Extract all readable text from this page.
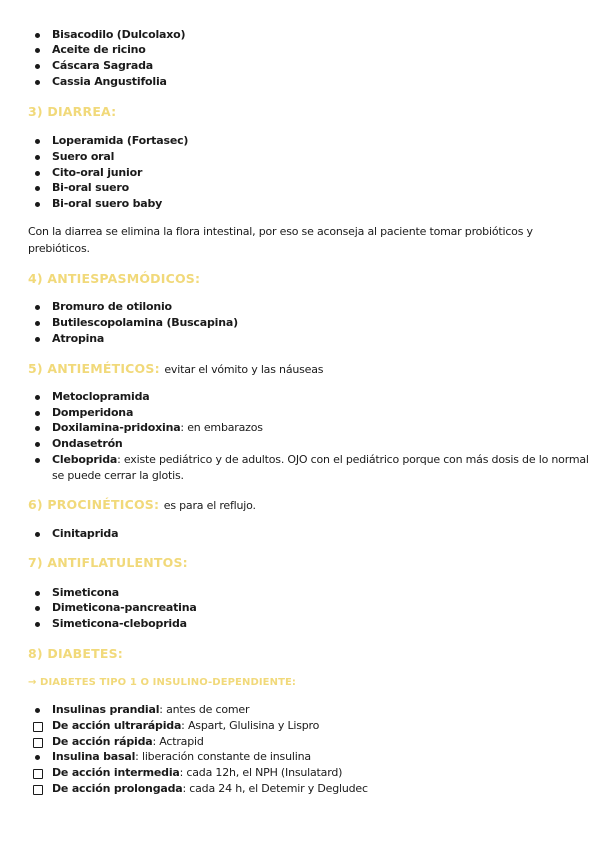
Bisacodilo (Dulcolaxo)
Aceite de ricino
Cáscara Sagrada
Cassia Angustifolia
3) DIARREA:
Loperamida (Fortasec)
Suero oral
Cito-oral junior
Bi-oral suero
Bi-oral suero baby
Con la diarrea se elimina la flora intestinal, por eso se aconseja al paciente tomar probióticos y prebióticos.
4) ANTIESPASMÓDICOS:
Bromuro de otilonio
Butilescopolamina (Buscapina)
Atropina
5) ANTIEMÉTICOS: evitar el vómito y las náuseas
Metoclopramida
Domperidona
Doxilamina-pridoxina: en embarazos
Ondasetrón
Cleboprida: existe pediátrico y de adultos. OJO con el pediátrico porque con más dosis de lo normal
se puede cerrar la glotis.
6) PROCINÉTICOS: es para el reflujo.
Cinitaprida
7) ANTIFLATULENTOS:
Simeticona
Dimeticona-pancreatina
Simeticona-cleboprida
8) DIABETES:
→ DIABETES TIPO 1 O INSULINO-DEPENDIENTE:
Insulinas prandial: antes de comer
De acción ultrarápida: Aspart, Glulisina y Lispro
De acción rápida: Actrapid
Insulina basal: liberación constante de insulina
De acción intermedia: cada 12h, el NPH (Insulatard)
De acción prolongada: cada 24 h, el Detemir y Degludec
